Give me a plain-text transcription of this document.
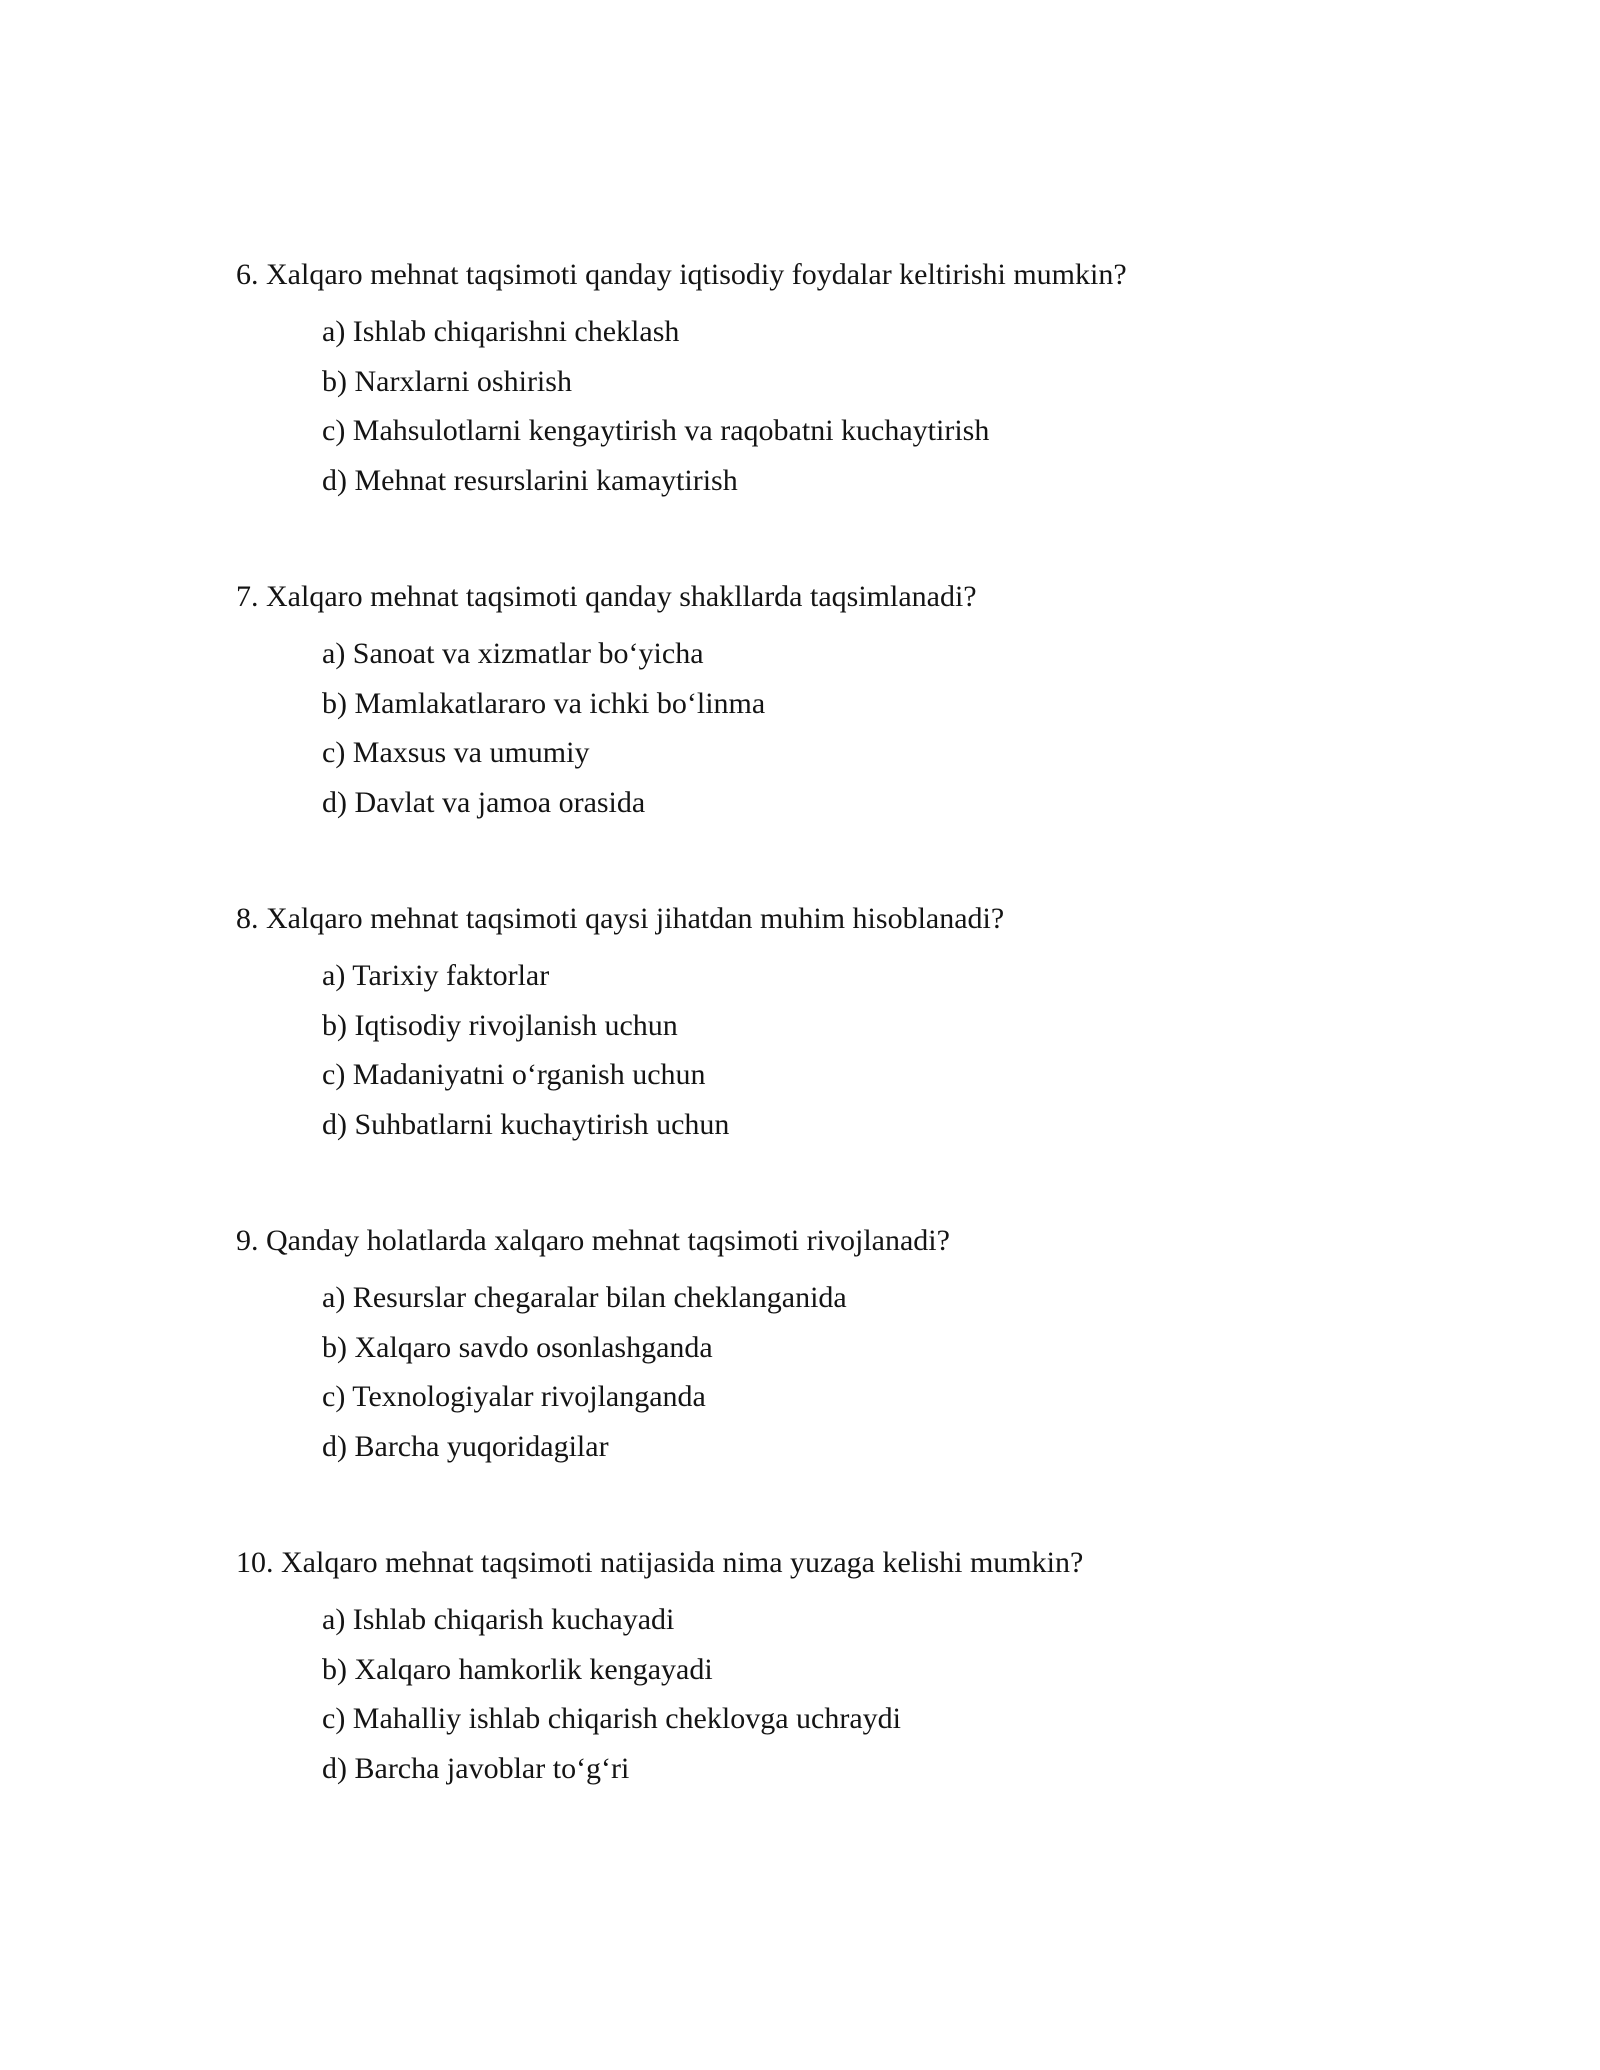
6. Xalqaro mehnat taqsimoti qanday iqtisodiy foydalar keltirishi mumkin?

a) Ishlab chiqarishni cheklash
b) Narxlarni oshirish
c) Mahsulotlarni kengaytirish va raqobatni kuchaytirish
d) Mehnat resurslarini kamaytirish

7. Xalqaro mehnat taqsimoti qanday shakllarda taqsimlanadi?

a) Sanoat va xizmatlar bo‘yicha
b) Mamlakatlararo va ichki bo‘linma
c) Maxsus va umumiy
d) Davlat va jamoa orasida

8. Xalqaro mehnat taqsimoti qaysi jihatdan muhim hisoblanadi?

a) Tarixiy faktorlar
b) Iqtisodiy rivojlanish uchun
c) Madaniyatni o‘rganish uchun
d) Suhbatlarni kuchaytirish uchun

9. Qanday holatlarda xalqaro mehnat taqsimoti rivojlanadi?

a) Resurslar chegaralar bilan cheklanganida
b) Xalqaro savdo osonlashganda
c) Texnologiyalar rivojlanganda
d) Barcha yuqoridagilar

10. Xalqaro mehnat taqsimoti natijasida nima yuzaga kelishi mumkin?

a) Ishlab chiqarish kuchayadi
b) Xalqaro hamkorlik kengayadi
c) Mahalliy ishlab chiqarish cheklovga uchraydi
d) Barcha javoblar to‘g‘ri
